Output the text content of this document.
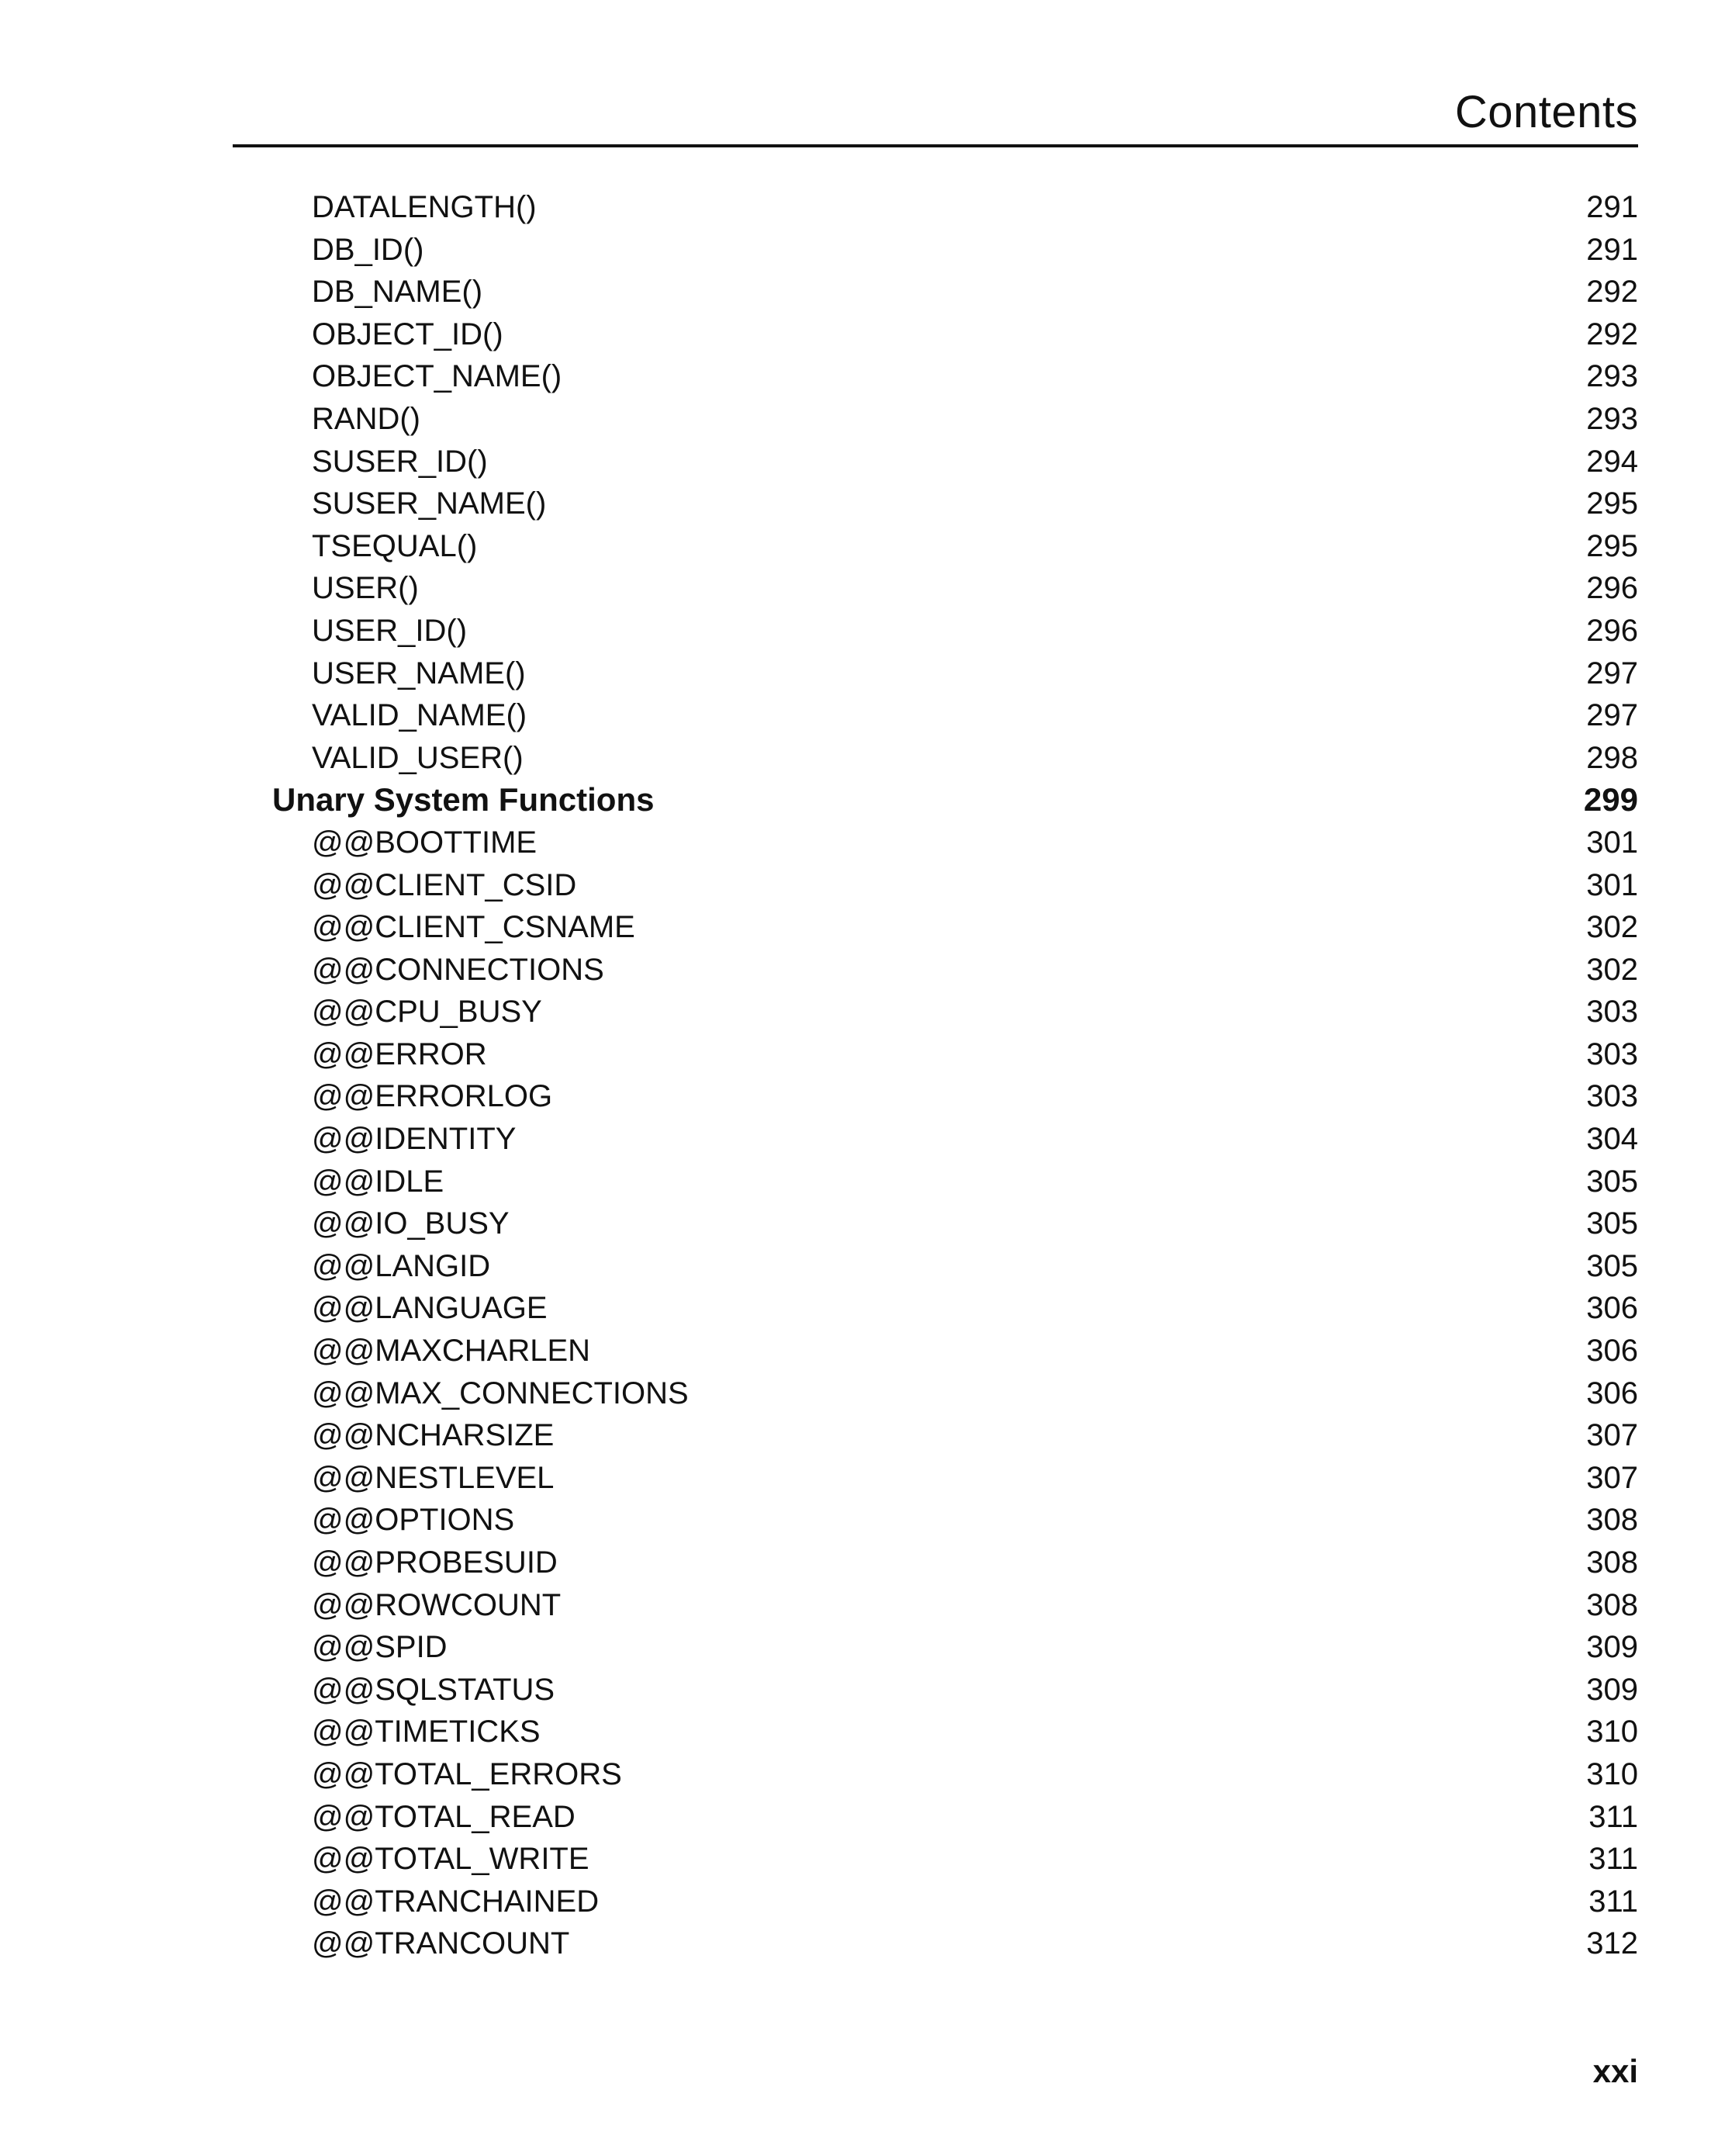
Contents
DATALENGTH()	291
DB_ID()	291
DB_NAME()	292
OBJECT_ID()	292
OBJECT_NAME()	293
RAND()	293
SUSER_ID()	294
SUSER_NAME()	295
TSEQUAL()	295
USER()	296
USER_ID()	296
USER_NAME()	297
VALID_NAME()	297
VALID_USER()	298
Unary System Functions	299
@@BOOTTIME	301
@@CLIENT_CSID	301
@@CLIENT_CSNAME	302
@@CONNECTIONS	302
@@CPU_BUSY	303
@@ERROR	303
@@ERRORLOG	303
@@IDENTITY	304
@@IDLE	305
@@IO_BUSY	305
@@LANGID	305
@@LANGUAGE	306
@@MAXCHARLEN	306
@@MAX_CONNECTIONS	306
@@NCHARSIZE	307
@@NESTLEVEL	307
@@OPTIONS	308
@@PROBESUID	308
@@ROWCOUNT	308
@@SPID	309
@@SQLSTATUS	309
@@TIMETICKS	310
@@TOTAL_ERRORS	310
@@TOTAL_READ	311
@@TOTAL_WRITE	311
@@TRANCHAINED	311
@@TRANCOUNT	312
xxi
